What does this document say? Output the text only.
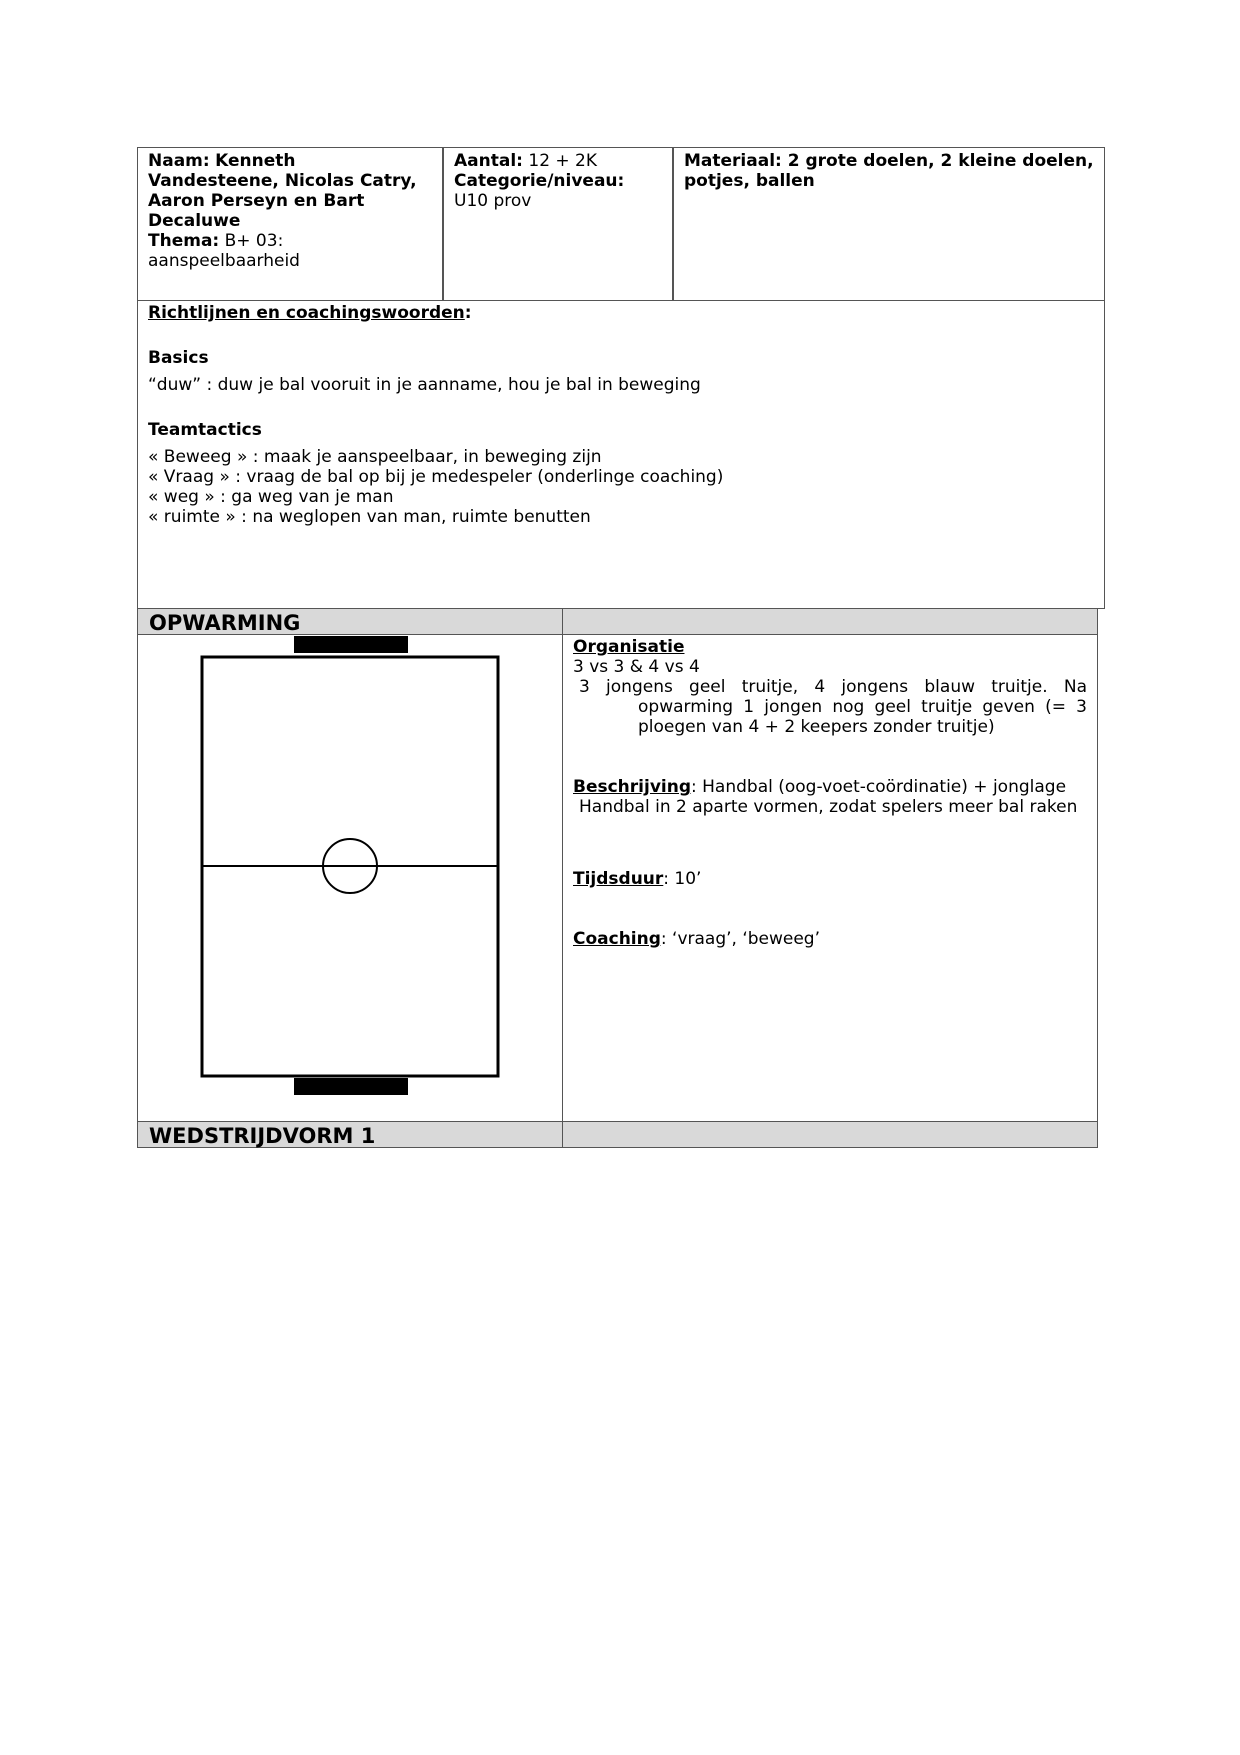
Naam: Kenneth Vandesteene, Nicolas Catry, Aaron Perseyn en Bart Decaluwe

Thema: B+ 03: aanspeelbaarheid

Aantal: 12 + 2K

Categorie/niveau:

U10 prov

Materiaal: 2 grote doelen, 2 kleine doelen, potjes, ballen

Richtlijnen en coachingswoorden:

Basics

“duw” : duw je bal vooruit in je aanname, hou je bal in beweging

Teamtactics

« Beweeg » : maak je aanspeelbaar, in beweging zijn

« Vraag » : vraag de bal op bij je medespeler (onderlinge coaching)

« weg » : ga weg van je man

« ruimte » : na weglopen van man, ruimte benutten

OPWARMING

Organisatie

3 vs 3 & 4 vs 4

3 jongens geel truitje, 4 jongens blauw truitje. Na opwarming 1 jongen nog geel truitje geven (= 3 ploegen van 4 + 2 keepers zonder truitje)

Beschrijving: Handbal (oog-voet-coördinatie) + jonglage

Handbal in 2 aparte vormen, zodat spelers meer bal raken

Tijdsduur: 10’

Coaching: ‘vraag’, ‘beweeg’

WEDSTRIJDVORM 1
